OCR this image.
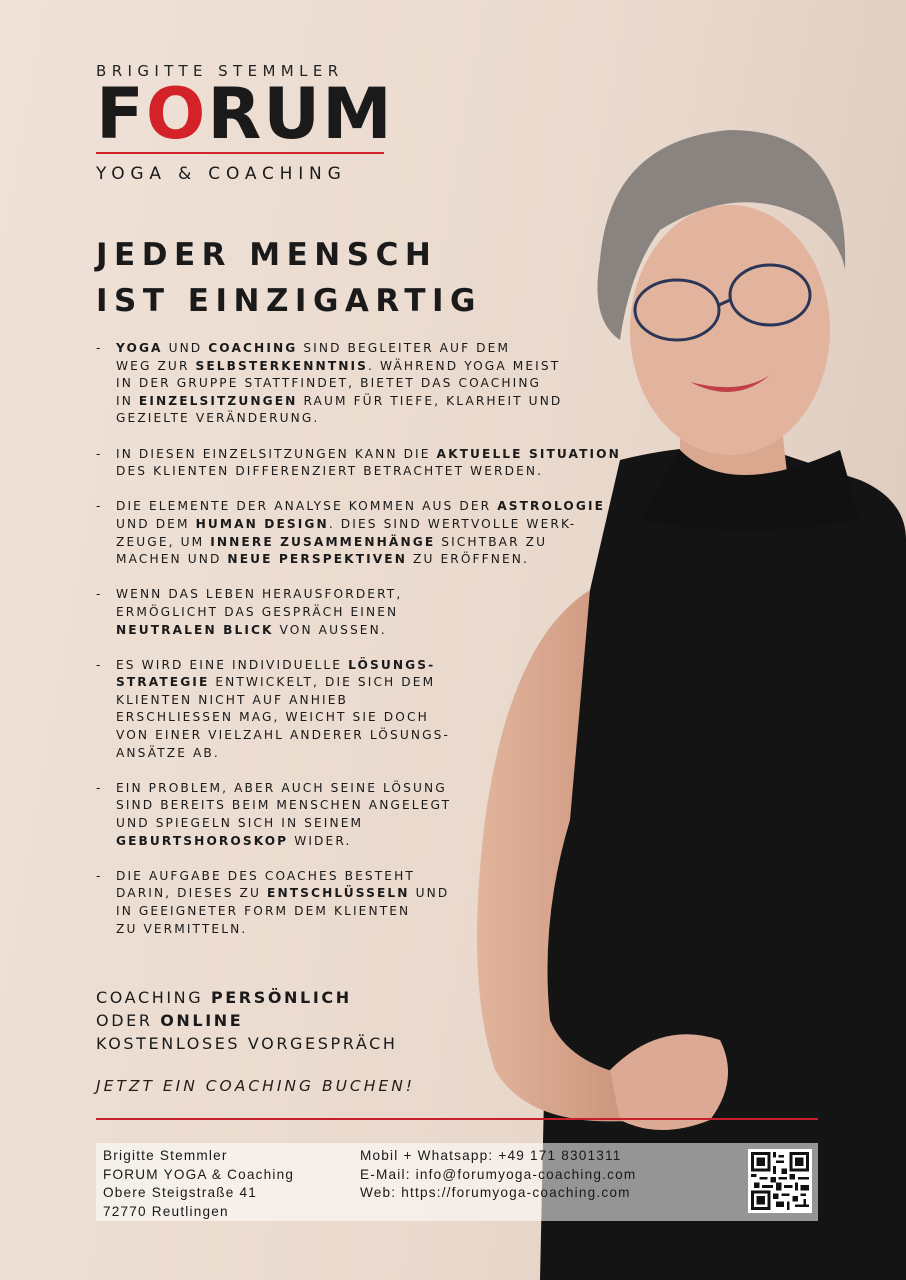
BRIGITTE STEMMLER
FORUM
YOGA & COACHING
JEDER MENSCH
IST EINZIGARTIG
- YOGA UND COACHING SIND BEGLEITER AUF DEM
WEG ZUR SELBSTERKENNTNIS. WÄHREND YOGA MEIST
IN DER GRUPPE STATTFINDET, BIETET DAS COACHING
IN EINZELSITZUNGEN RAUM FÜR TIEFE, KLARHEIT UND
GEZIELTE VERÄNDERUNG.
- IN DIESEN EINZELSITZUNGEN KANN DIE AKTUELLE SITUATION
DES KLIENTEN DIFFERENZIERT BETRACHTET WERDEN.
- DIE ELEMENTE DER ANALYSE KOMMEN AUS DER ASTROLOGIE
UND DEM HUMAN DESIGN. DIES SIND WERTVOLLE WERK-
ZEUGE, UM INNERE ZUSAMMENHÄNGE SICHTBAR ZU
MACHEN UND NEUE PERSPEKTIVEN ZU ERÖFFNEN.
- WENN DAS LEBEN HERAUSFORDERT,
ERMÖGLICHT DAS GESPRÄCH EINEN
NEUTRALEN BLICK VON AUSSEN.
- ES WIRD EINE INDIVIDUELLE LÖSUNGS-
STRATEGIE ENTWICKELT, DIE SICH DEM
KLIENTEN NICHT AUF ANHIEB
ERSCHLIESSEN MAG, WEICHT SIE DOCH
VON EINER VIELZAHL ANDERER LÖSUNGS-
ANSÄTZE AB.
- EIN PROBLEM, ABER AUCH SEINE LÖSUNG
SIND BEREITS BEIM MENSCHEN ANGELEGT
UND SPIEGELN SICH IN SEINEM
GEBURTSHOROSKOP WIDER.
- DIE AUFGABE DES COACHES BESTEHT
DARIN, DIESES ZU ENTSCHLÜSSELN UND
IN GEEIGNETER FORM DEM KLIENTEN
ZU VERMITTELN.
COACHING PERSÖNLICH
ODER ONLINE
KOSTENLOSES VORGESPRÄCH
JETZT EIN COACHING BUCHEN!
Brigitte Stemmler
FORUM YOGA & Coaching
Obere Steigstraße 41
72770 Reutlingen
Mobil + Whatsapp: +49 171 8301311
E-Mail: info@forumyoga-coaching.com
Web: https://forumyoga-coaching.com
